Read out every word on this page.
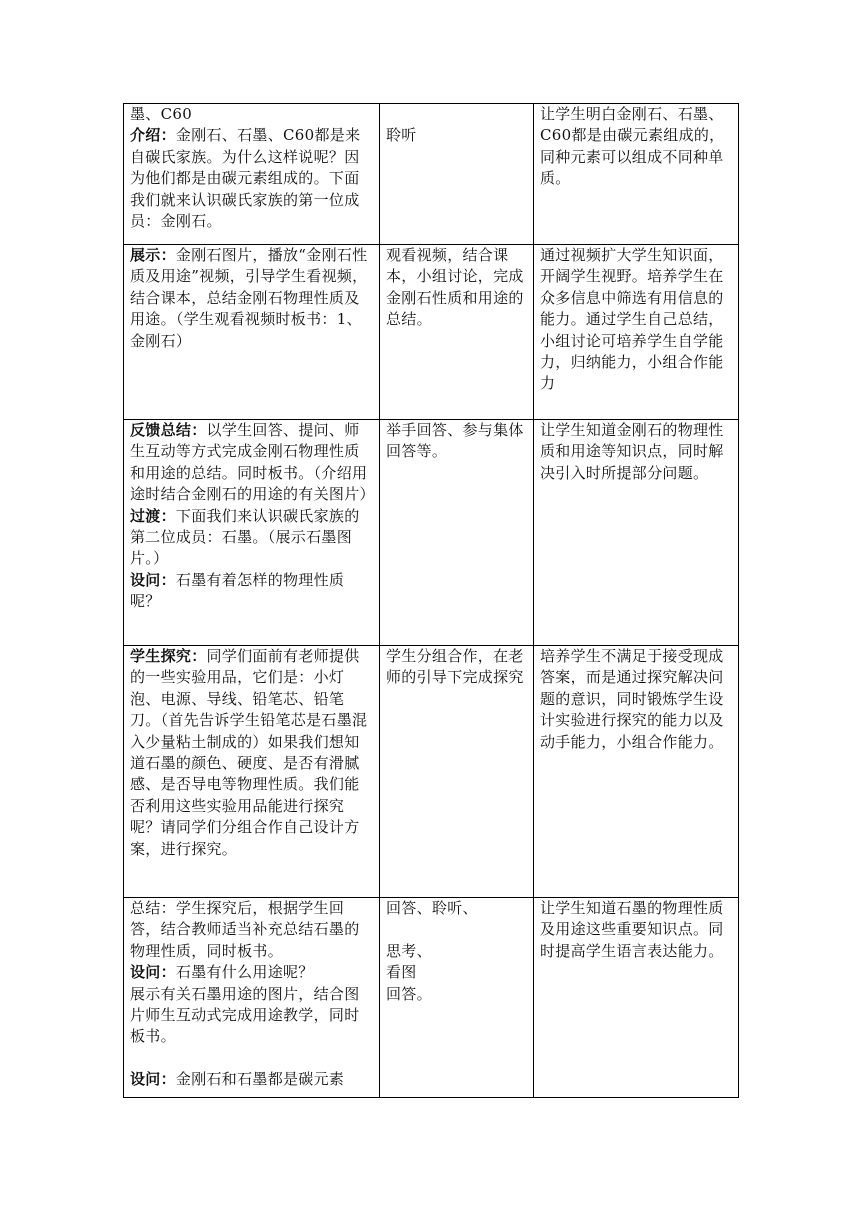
墨、C60
介绍：金刚石、石墨、C60都是来自碳氏家族。为什么这样说呢？因为他们都是由碳元素组成的。下面我们就来认识碳氏家族的第一位成员：金刚石。	聆听	让学生明白金刚石、石墨、C60都是由碳元素组成的，同种元素可以组成不同种单质。

展示：金刚石图片，播放“金刚石性质及用途”视频，引导学生看视频，结合课本，总结金刚石物理性质及用途。（学生观看视频时板书：1、金刚石）	观看视频，结合课本，小组讨论，完成金刚石性质和用途的总结。	通过视频扩大学生知识面，开阔学生视野。培养学生在众多信息中筛选有用信息的能力。通过学生自己总结，小组讨论可培养学生自学能力，归纳能力，小组合作能力

反馈总结：以学生回答、提问、师生互动等方式完成金刚石物理性质和用途的总结。同时板书。（介绍用途时结合金刚石的用途的有关图片）
过渡：下面我们来认识碳氏家族的第二位成员：石墨。（展示石墨图片。）
设问：石墨有着怎样的物理性质呢？	举手回答、参与集体回答等。	让学生知道金刚石的物理性质和用途等知识点，同时解决引入时所提部分问题。

学生探究：同学们面前有老师提供的一些实验用品，它们是：小灯泡、电源、导线、铅笔芯、铅笔刀。（首先告诉学生铅笔芯是石墨混入少量粘土制成的）如果我们想知道石墨的颜色、硬度、是否有滑腻感、是否导电等物理性质。我们能否利用这些实验用品能进行探究呢？请同学们分组合作自己设计方案，进行探究。	学生分组合作，在老师的引导下完成探究	培养学生不满足于接受现成答案，而是通过探究解决问题的意识，同时锻炼学生设计实验进行探究的能力以及动手能力，小组合作能力。

总结：学生探究后，根据学生回答，结合教师适当补充总结石墨的物理性质，同时板书。
设问：石墨有什么用途呢？
展示有关石墨用途的图片，结合图片师生互动式完成用途教学，同时板书。
设问：金刚石和石墨都是碳元素	回答、聆听、
思考、
看图
回答。	让学生知道石墨的物理性质及用途这些重要知识点。同时提高学生语言表达能力。
